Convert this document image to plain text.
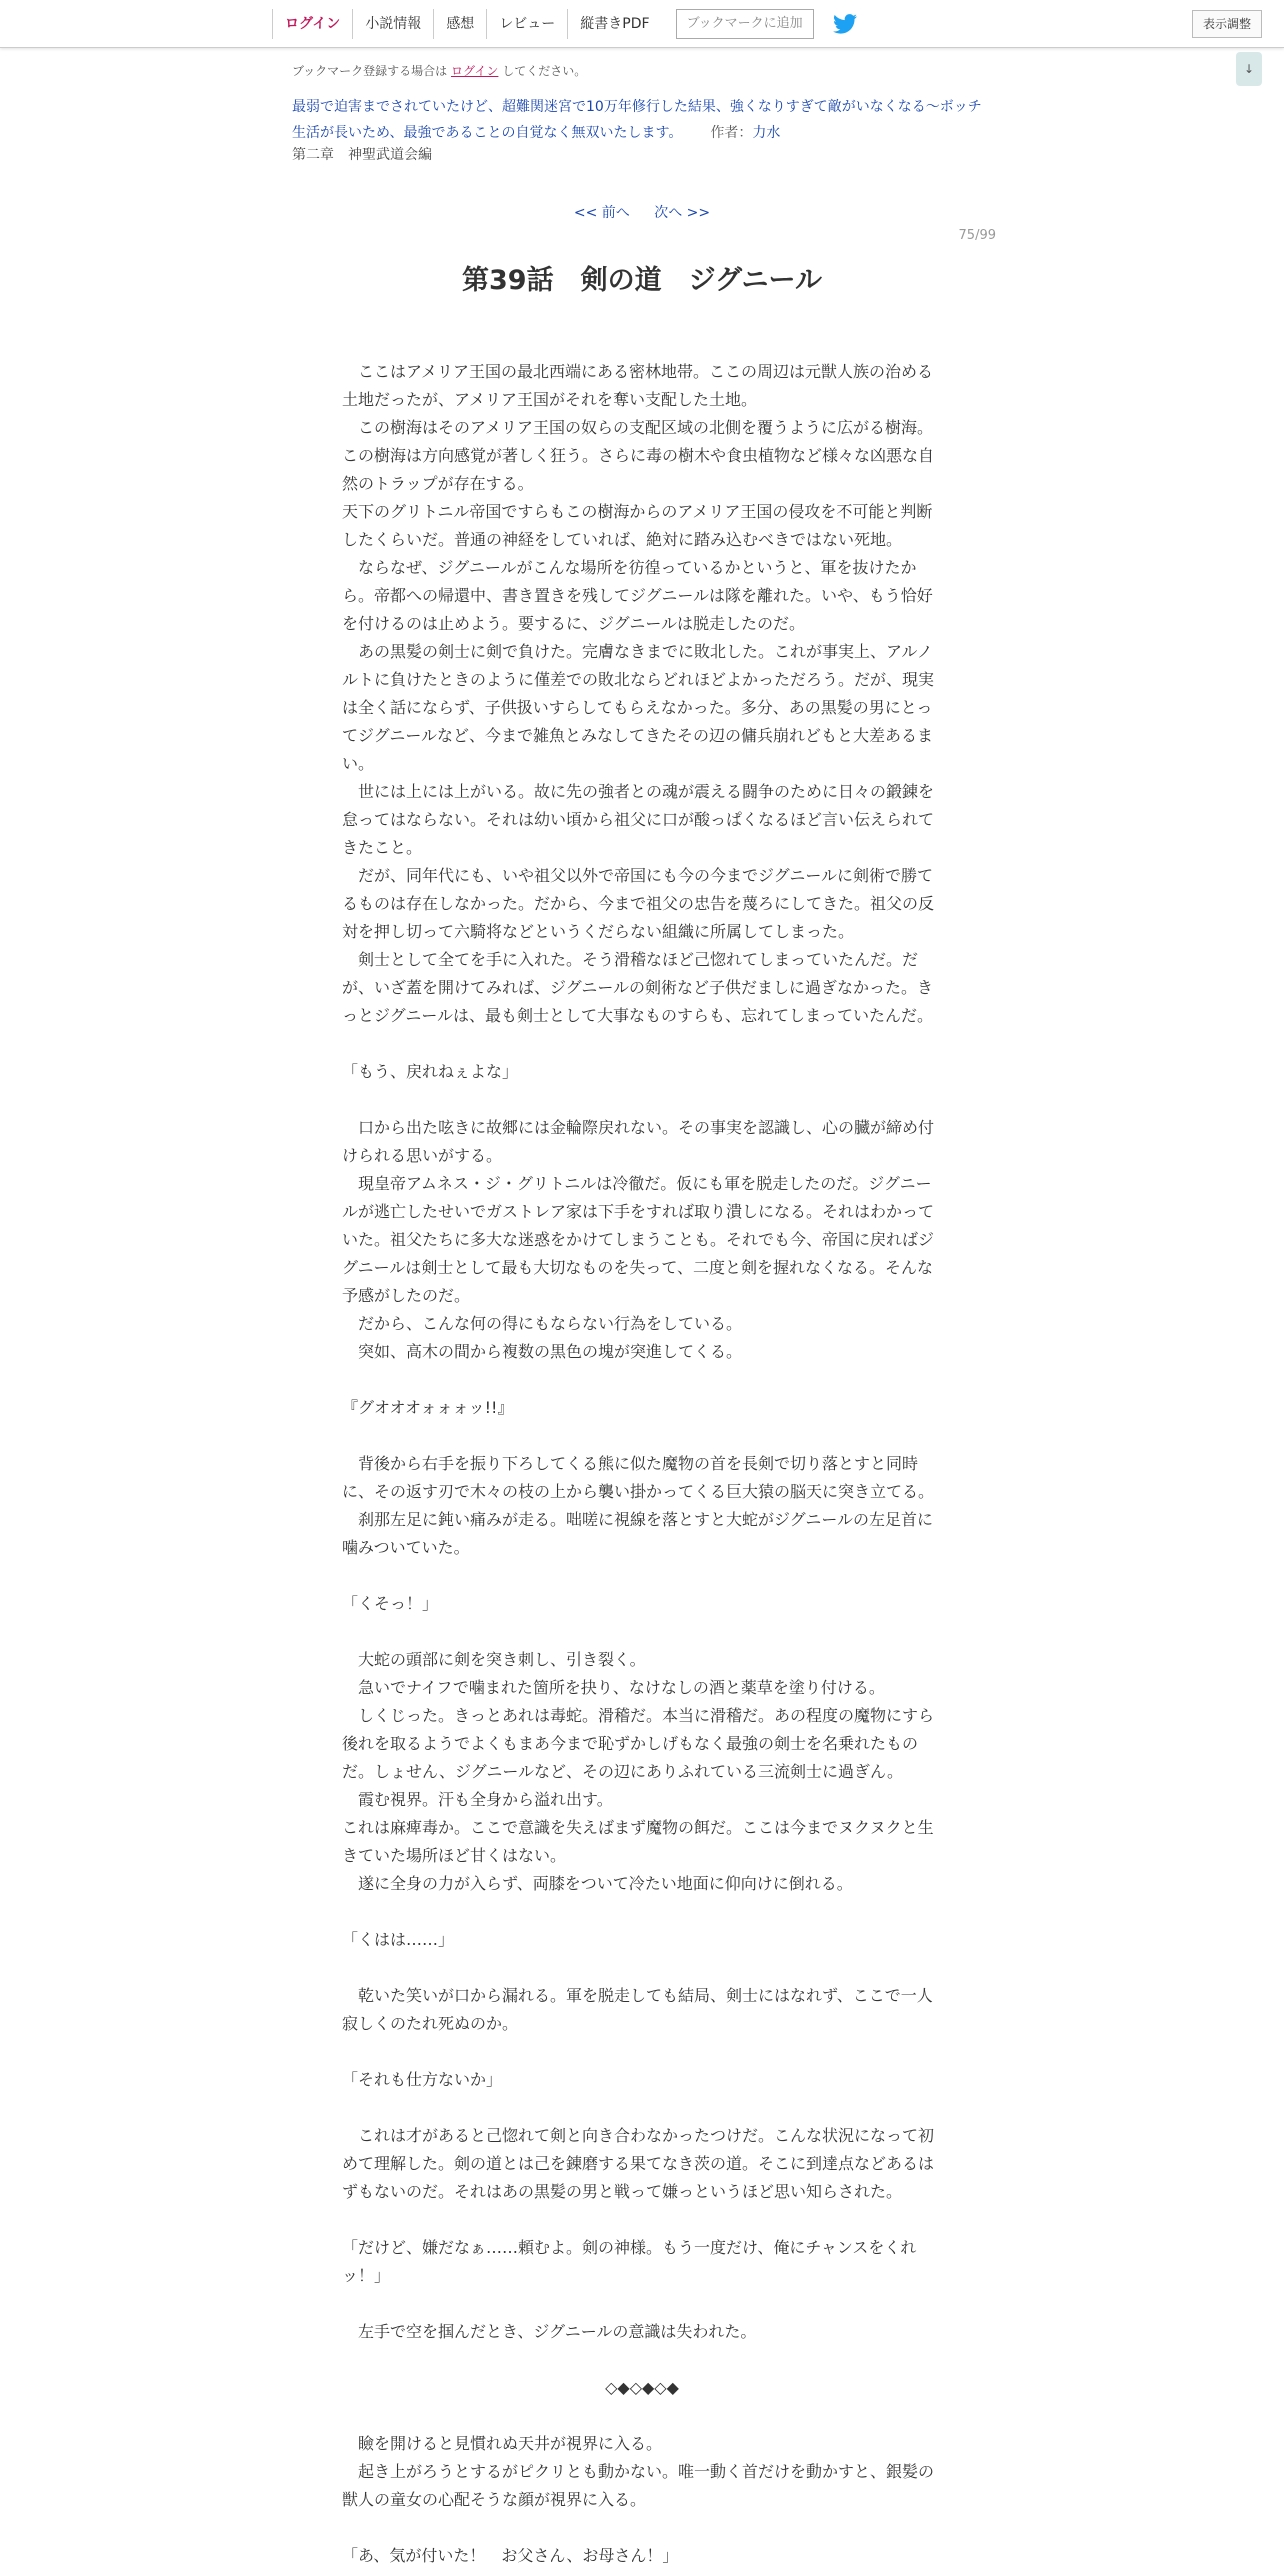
ログイン	小説情報	感想	レビュー	縦書きPDF	ブックマークに追加	表示調整
↓
ブックマーク登録する場合は ログイン してください。
最弱で迫害までされていたけど、超難関迷宮で10万年修行した結果、強くなりすぎて敵がいなくなる～ボッチ生活が長いため、最強であることの自覚なく無双いたします。 作者：力水
第二章　神聖武道会編
<< 前へ 次へ >>
75/99
第39話　剣の道　ジグニール

　ここはアメリア王国の最北西端にある密林地帯。ここの周辺は元獣人族の治める土地だったが、アメリア王国がそれを奪い支配した土地。

　この樹海はそのアメリア王国の奴らの支配区域の北側を覆うように広がる樹海。この樹海は方向感覚が著しく狂う。さらに毒の樹木や食虫植物など様々な凶悪な自然のトラップが存在する。

天下のグリトニル帝国ですらもこの樹海からのアメリア王国の侵攻を不可能と判断したくらいだ。普通の神経をしていれば、絶対に踏み込むべきではない死地。

　ならなぜ、ジグニールがこんな場所を彷徨っているかというと、軍を抜けたから。帝都への帰還中、書き置きを残してジグニールは隊を離れた。いや、もう恰好を付けるのは止めよう。要するに、ジグニールは脱走したのだ。

　あの黒髪の剣士に剣で負けた。完膚なきまでに敗北した。これが事実上、アルノルトに負けたときのように僅差での敗北ならどれほどよかっただろう。だが、現実は全く話にならず、子供扱いすらしてもらえなかった。多分、あの黒髪の男にとってジグニールなど、今まで雑魚とみなしてきたその辺の傭兵崩れどもと大差あるまい。

　世には上には上がいる。故に先の強者との魂が震える闘争のために日々の鍛錬を怠ってはならない。それは幼い頃から祖父に口が酸っぱくなるほど言い伝えられてきたこと。

　だが、同年代にも、いや祖父以外で帝国にも今の今までジグニールに剣術で勝てるものは存在しなかった。だから、今まで祖父の忠告を蔑ろにしてきた。祖父の反対を押し切って六騎将などというくだらない組織に所属してしまった。

　剣士として全てを手に入れた。そう滑稽なほど己惚れてしまっていたんだ。だが、いざ蓋を開けてみれば、ジグニールの剣術など子供だましに過ぎなかった。きっとジグニールは、最も剣士として大事なものすらも、忘れてしまっていたんだ。

「もう、戻れねぇよな」

　口から出た呟きに故郷には金輪際戻れない。その事実を認識し、心の臓が締め付けられる思いがする。

　現皇帝アムネス・ジ・グリトニルは冷徹だ。仮にも軍を脱走したのだ。ジグニールが逃亡したせいでガストレア家は下手をすれば取り潰しになる。それはわかっていた。祖父たちに多大な迷惑をかけてしまうことも。それでも今、帝国に戻ればジグニールは剣士として最も大切なものを失って、二度と剣を握れなくなる。そんな予感がしたのだ。

　だから、こんな何の得にもならない行為をしている。

　突如、高木の間から複数の黒色の塊が突進してくる。

『グオオオォォォッ!!』

　背後から右手を振り下ろしてくる熊に似た魔物の首を長剣で切り落とすと同時に、その返す刃で木々の枝の上から襲い掛かってくる巨大猿の脳天に突き立てる。

　刹那左足に鈍い痛みが走る。咄嗟に視線を落とすと大蛇がジグニールの左足首に噛みついていた。

「くそっ！」

　大蛇の頭部に剣を突き刺し、引き裂く。

　急いでナイフで噛まれた箇所を抉り、なけなしの酒と薬草を塗り付ける。

　しくじった。きっとあれは毒蛇。滑稽だ。本当に滑稽だ。あの程度の魔物にすら後れを取るようでよくもまあ今まで恥ずかしげもなく最強の剣士を名乗れたものだ。しょせん、ジグニールなど、その辺にありふれている三流剣士に過ぎん。

　霞む視界。汗も全身から溢れ出す。

これは麻痺毒か。ここで意識を失えばまず魔物の餌だ。ここは今までヌクヌクと生きていた場所ほど甘くはない。

　遂に全身の力が入らず、両膝をついて冷たい地面に仰向けに倒れる。

「くはは……」

　乾いた笑いが口から漏れる。軍を脱走しても結局、剣士にはなれず、ここで一人寂しくのたれ死ぬのか。

「それも仕方ないか」

　これは才があると己惚れて剣と向き合わなかったつけだ。こんな状況になって初めて理解した。剣の道とは己を錬磨する果てなき茨の道。そこに到達点などあるはずもないのだ。それはあの黒髪の男と戦って嫌っというほど思い知らされた。

「だけど、嫌だなぁ……頼むよ。剣の神様。もう一度だけ、俺にチャンスをくれッ！」

　左手で空を掴んだとき、ジグニールの意識は失われた。

◇◆◇◆◇◆

　瞼を開けると見慣れぬ天井が視界に入る。

　起き上がろうとするがピクリとも動かない。唯一動く首だけを動かすと、銀髪の獣人の童女の心配そうな顔が視界に入る。

「あ、気が付いた！　お父さん、お母さん！」
